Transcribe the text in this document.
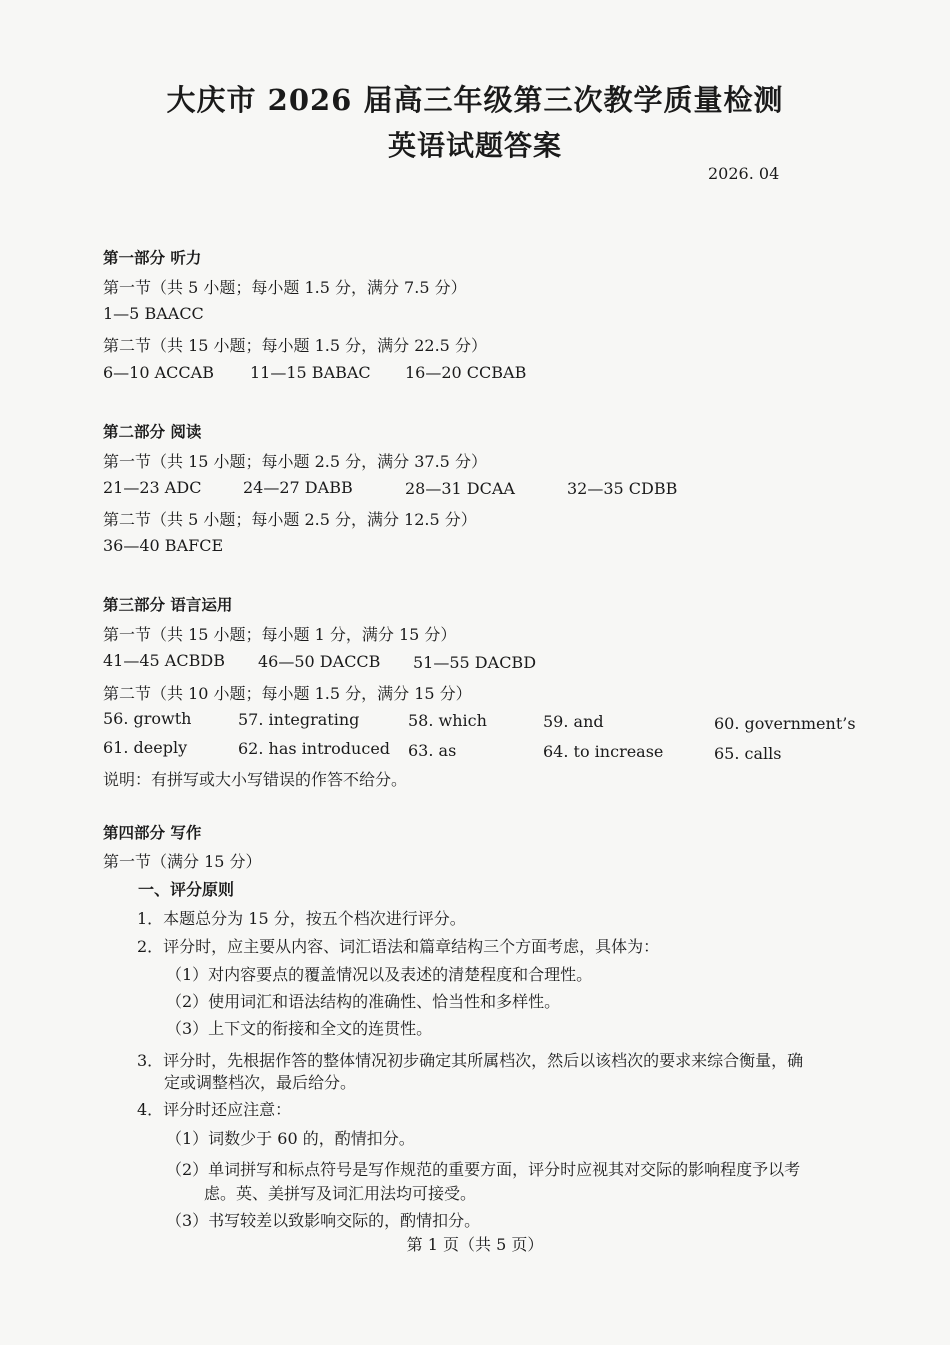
大庆市 2026 届高三年级第三次教学质量检测
英语试题答案
2026. 04
第一部分 听力
第一节（共 5 小题；每小题 1.5 分，满分 7.5 分）
1—5 BAACC
第二节（共 15 小题；每小题 1.5 分，满分 22.5 分）
6—10 ACCAB 11—15 BABAC 16—20 CCBAB
第二部分 阅读
第一节（共 15 小题；每小题 2.5 分，满分 37.5 分）
21—23 ADC	24—27 DABB	28—31 DCAA	32—35 CDBB
第二节（共 5 小题；每小题 2.5 分，满分 12.5 分）
36—40 BAFCE
第三部分 语言运用
第一节（共 15 小题；每小题 1 分，满分 15 分）
41—45 ACBDB 46—50 DACCB 51—55 DACBD
第二节（共 10 小题；每小题 1.5 分，满分 15 分）
56. growth	57. integrating	58. which	59. and	60. government’s
61. deeply	62. has introduced 63. as	64. to increase	65. calls
说明：有拼写或大小写错误的作答不给分。
第四部分 写作
第一节（满分 15 分）
一、评分原则
1．本题总分为 15 分，按五个档次进行评分。
2．评分时，应主要从内容、词汇语法和篇章结构三个方面考虑，具体为：
（1）对内容要点的覆盖情况以及表述的清楚程度和合理性。
（2）使用词汇和语法结构的准确性、恰当性和多样性。
（3）上下文的衔接和全文的连贯性。
3．评分时，先根据作答的整体情况初步确定其所属档次，然后以该档次的要求来综合衡量，确
定或调整档次，最后给分。
4．评分时还应注意：
（1）词数少于 60 的，酌情扣分。
（2）单词拼写和标点符号是写作规范的重要方面，评分时应视其对交际的影响程度予以考
虑。英、美拼写及词汇用法均可接受。
（3）书写较差以致影响交际的，酌情扣分。
第 1 页（共 5 页）
